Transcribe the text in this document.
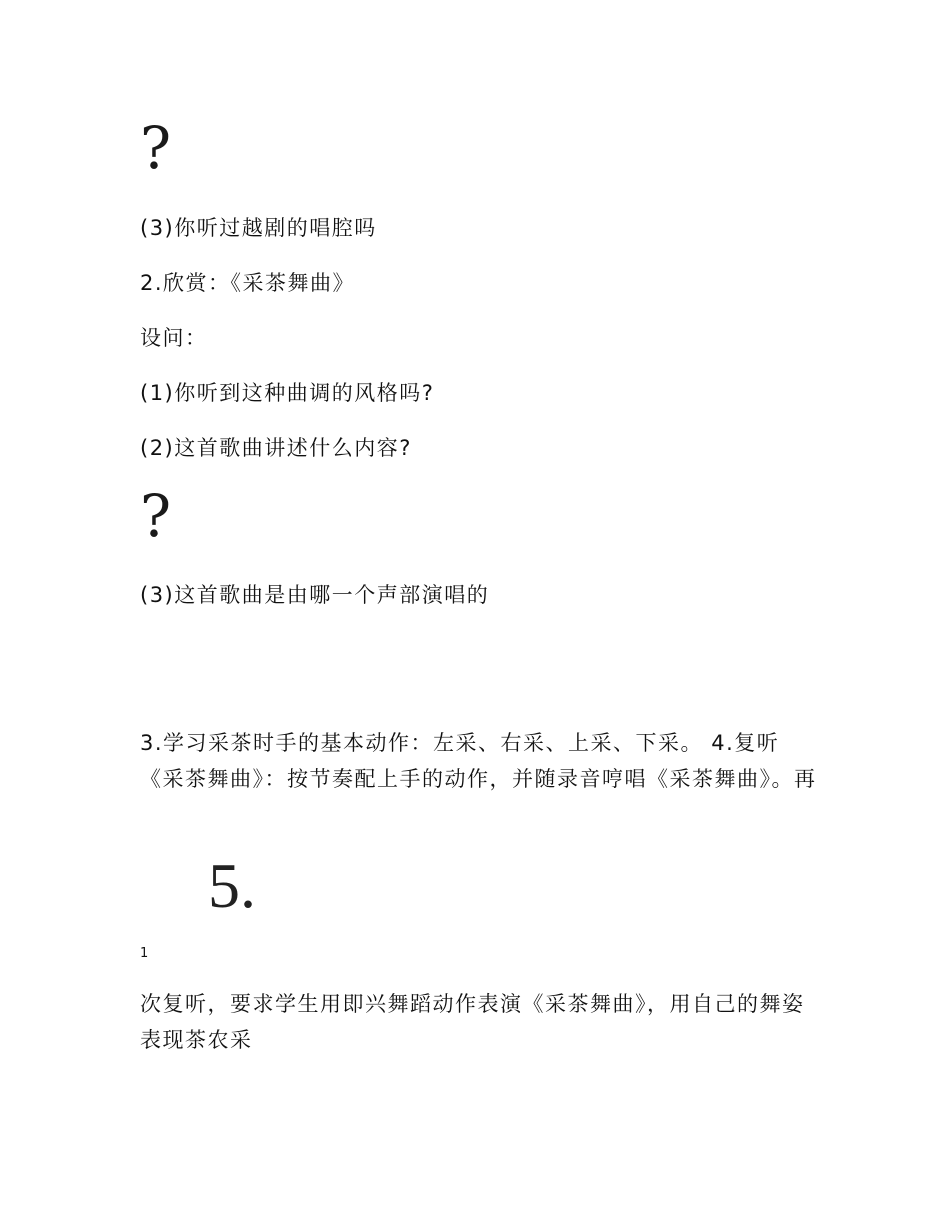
?
(3)你听过越剧的唱腔吗
2.欣赏：《采茶舞曲》
设问：
(1)你听到这种曲调的风格吗?
(2)这首歌曲讲述什么内容?
?
(3)这首歌曲是由哪一个声部演唱的
3.学习采茶时手的基本动作：左采、右采、上采、下采。 4.复听《采茶舞曲》：按节奏配上手的动作，并随录音哼唱《采茶舞曲》。再
5.
1
次复听，要求学生用即兴舞蹈动作表演《采茶舞曲》，用自己的舞姿表现茶农采
